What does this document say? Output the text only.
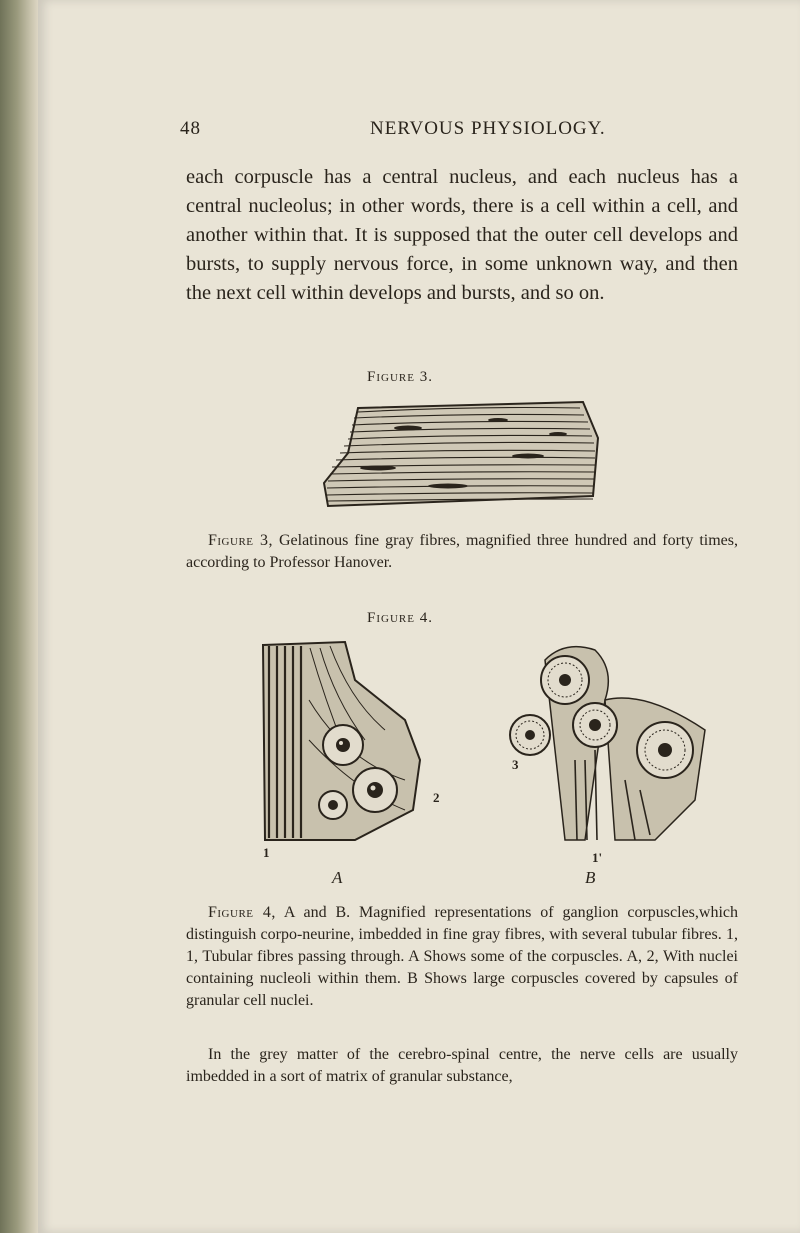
48	NERVOUS PHYSIOLOGY.
each corpuscle has a central nucleus, and each nucleus has a central nucleolus; in other words, there is a cell within a cell, and another within that. It is supposed that the outer cell develops and bursts, to supply nervous force, in some unknown way, and then the next cell within develops and bursts, and so on.
Figure 3.
Figure 3, Gelatinous fine gray fibres, magnified three hundred and forty times, according to Professor Hanover.
Figure 4.
1
2
A
3
1'
B
Figure 4, A and B. Magnified representations of ganglion corpuscles,which distinguish corpo-neurine, imbedded in fine gray fibres, with several tubular fibres. 1, 1, Tubular fibres passing through. A Shows some of the corpuscles. A, 2, With nuclei containing nucleoli within them. B Shows large corpuscles covered by capsules of granular cell nuclei.
In the grey matter of the cerebro-spinal centre, the nerve cells are usually imbedded in a sort of matrix of granular substance,
